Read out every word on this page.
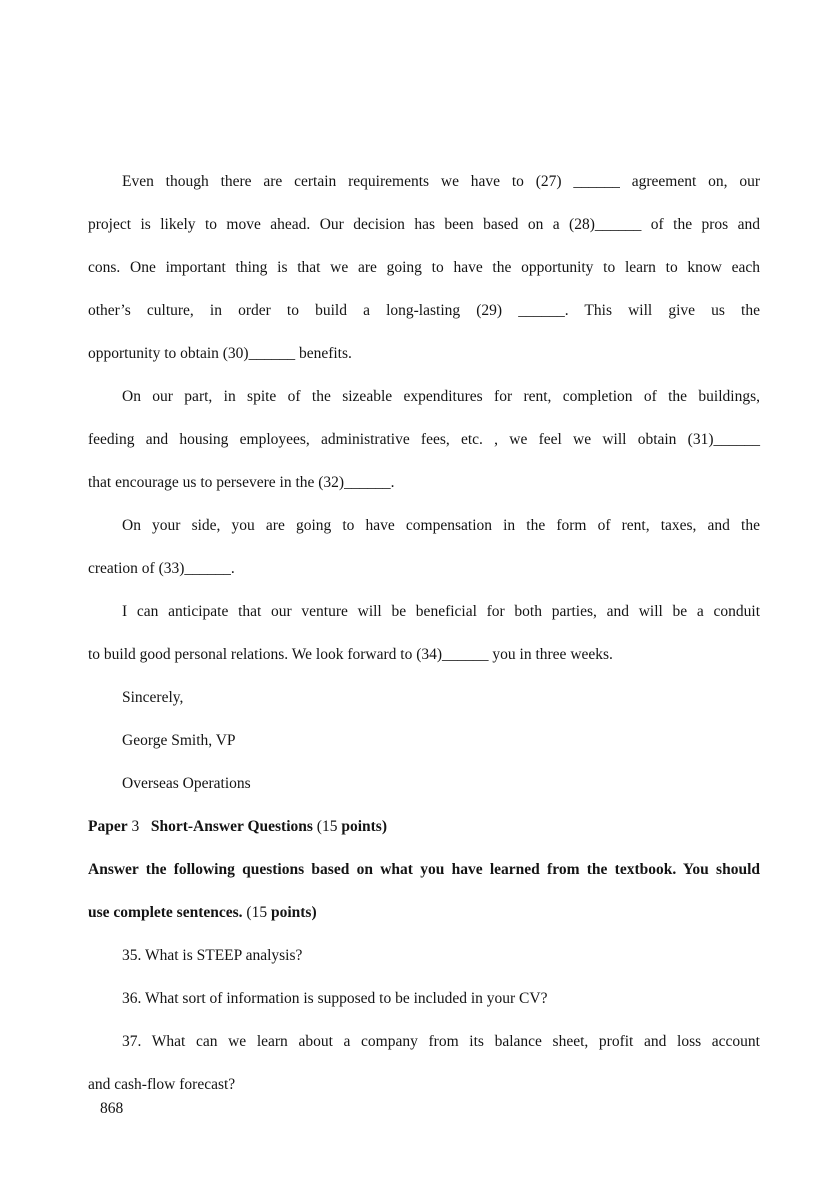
Even though there are certain requirements we have to (27) ______ agreement on, our
project is likely to move ahead. Our decision has been based on a (28)______ of the pros and
cons. One important thing is that we are going to have the opportunity to learn to know each
other’s culture, in order to build a long-lasting (29) ______. This will give us the
opportunity to obtain (30)______ benefits.
On our part, in spite of the sizeable expenditures for rent, completion of the buildings,
feeding and housing employees, administrative fees, etc. , we feel we will obtain (31)______
that encourage us to persevere in the (32)______.
On your side, you are going to have compensation in the form of rent, taxes, and the
creation of (33)______.
I can anticipate that our venture will be beneficial for both parties, and will be a conduit
to build good personal relations. We look forward to (34)______ you in three weeks.
Sincerely,
George Smith, VP
Overseas Operations
Paper 3 Short-Answer Questions (15 points)
Answer the following questions based on what you have learned from the textbook. You should
use complete sentences. (15 points)
35. What is STEEP analysis?
36. What sort of information is supposed to be included in your CV?
37. What can we learn about a company from its balance sheet, profit and loss account
and cash-flow forecast?
868
